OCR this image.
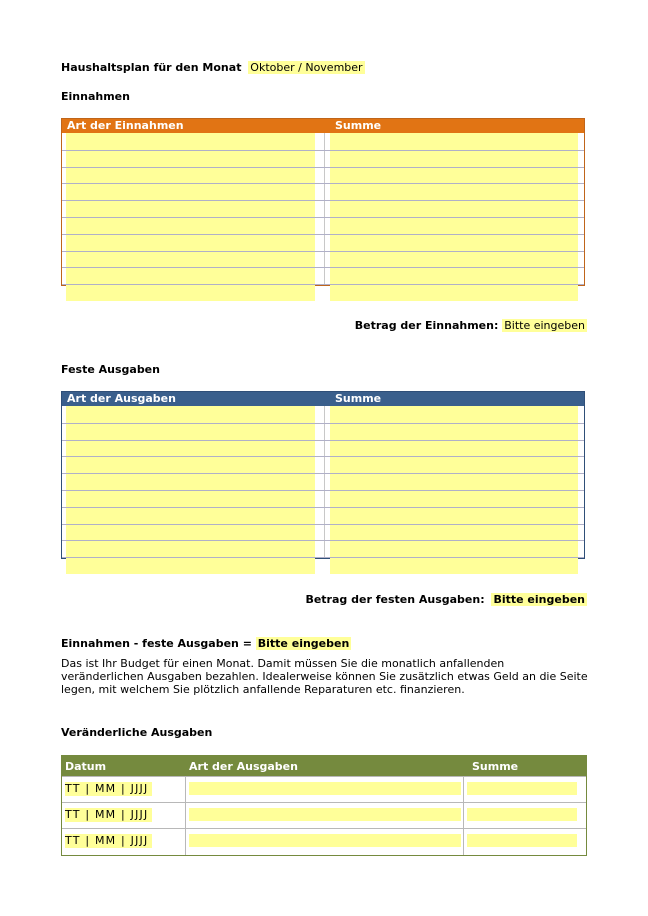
Haushaltsplan für den Monat Oktober / November
Einnahmen
Art der Einnahmen	Summe
Betrag der Einnahmen: Bitte eingeben
Feste Ausgaben
Art der Ausgaben	Summe
Betrag der festen Ausgaben: Bitte eingeben
Einnahmen - feste Ausgaben = Bitte eingeben
Das ist Ihr Budget für einen Monat. Damit müssen Sie die monatlich anfallenden
veränderlichen Ausgaben bezahlen. Idealerweise können Sie zusätzlich etwas Geld an die Seite
legen, mit welchem Sie plötzlich anfallende Reparaturen etc. finanzieren.
Veränderliche Ausgaben
Datum	Art der Ausgaben	Summe
TT | MM | JJJJ
TT | MM | JJJJ
TT | MM | JJJJ
